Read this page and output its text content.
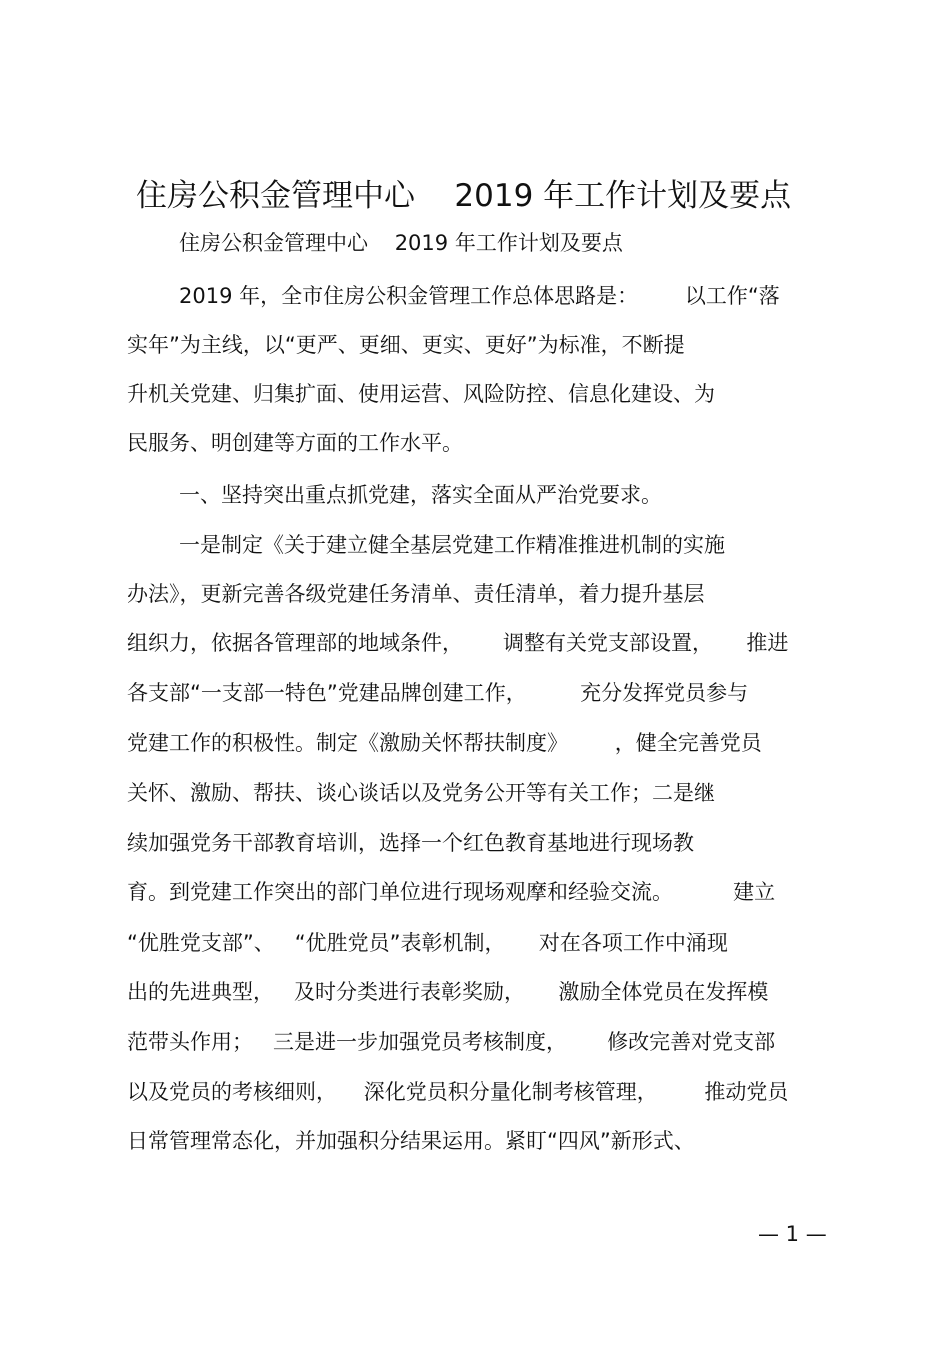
住房公积金管理中心    2019 年工作计划及要点

住房公积金管理中心    2019 年工作计划及要点

2019 年，全市住房公积金管理工作总体思路是：       以工作“落

实年”为主线，以“更严、更细、更实、更好”为标准，不断提

升机关党建、归集扩面、使用运营、风险防控、信息化建设、为

民服务、明创建等方面的工作水平。

一、坚持突出重点抓党建，落实全面从严治党要求。

一是制定《关于建立健全基层党建工作精准推进机制的实施

办法》，更新完善各级党建任务清单、责任清单，着力提升基层

组织力，依据各管理部的地域条件，      调整有关党支部设置，     推进

各支部“一支部一特色”党建品牌创建工作，        充分发挥党员参与

党建工作的积极性。制定《激励关怀帮扶制度》       ，健全完善党员

关怀、激励、帮扶、谈心谈话以及党务公开等有关工作；二是继

续加强党务干部教育培训，选择一个红色教育基地进行现场教

育。到党建工作突出的部门单位进行现场观摩和经验交流。         建立

“优胜党支部”、   “优胜党员”表彰机制，     对在各项工作中涌现

出的先进典型，   及时分类进行表彰奖励，     激励全体党员在发挥模

范带头作用；   三是进一步加强党员考核制度，      修改完善对党支部

以及党员的考核细则，    深化党员积分量化制考核管理，       推动党员

日常管理常态化，并加强积分结果运用。紧盯“四风”新形式、

— 1 —
